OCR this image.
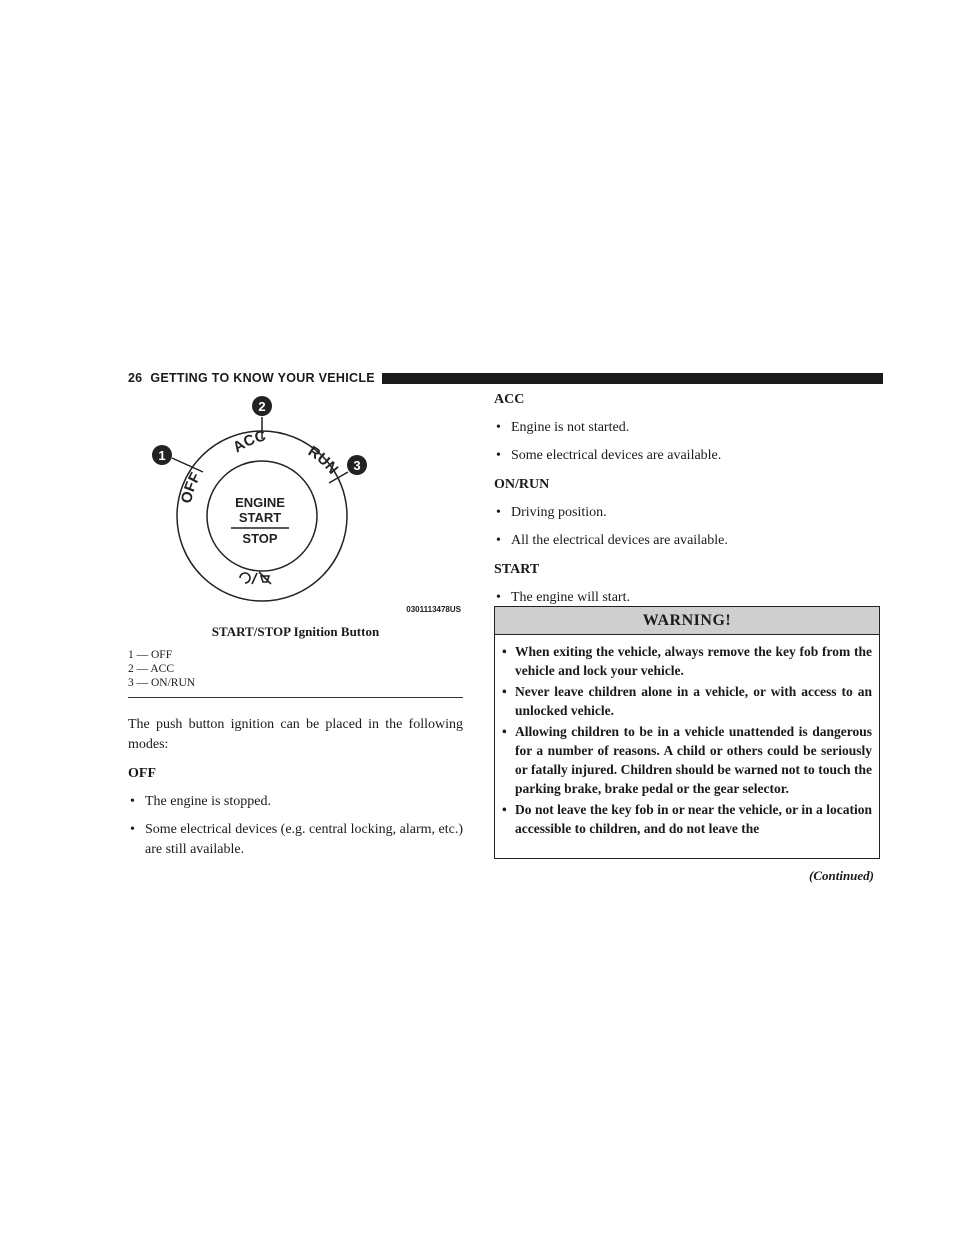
26 GETTING TO KNOW YOUR VEHICLE
OFF
ACC
RUN
ENGINE
START
STOP
1
2
3
0301113478US
START/STOP Ignition Button
1 — OFF
2 — ACC
3 — ON/RUN

The push button ignition can be placed in the following modes:

OFF

• The engine is stopped.

• Some electrical devices (e.g. central locking, alarm, etc.) are still available.

ACC

• Engine is not started.

• Some electrical devices are available.

ON/RUN

• Driving position.

• All the electrical devices are available.

START

• The engine will start.

WARNING!
• When exiting the vehicle, always remove the key fob from the vehicle and lock your vehicle.
• Never leave children alone in a vehicle, or with access to an unlocked vehicle.
• Allowing children to be in a vehicle unattended is dangerous for a number of reasons. A child or others could be seriously or fatally injured. Children should be warned not to touch the parking brake, brake pedal or the gear selector.
• Do not leave the key fob in or near the vehicle, or in a location accessible to children, and do not leave the
(Continued)
